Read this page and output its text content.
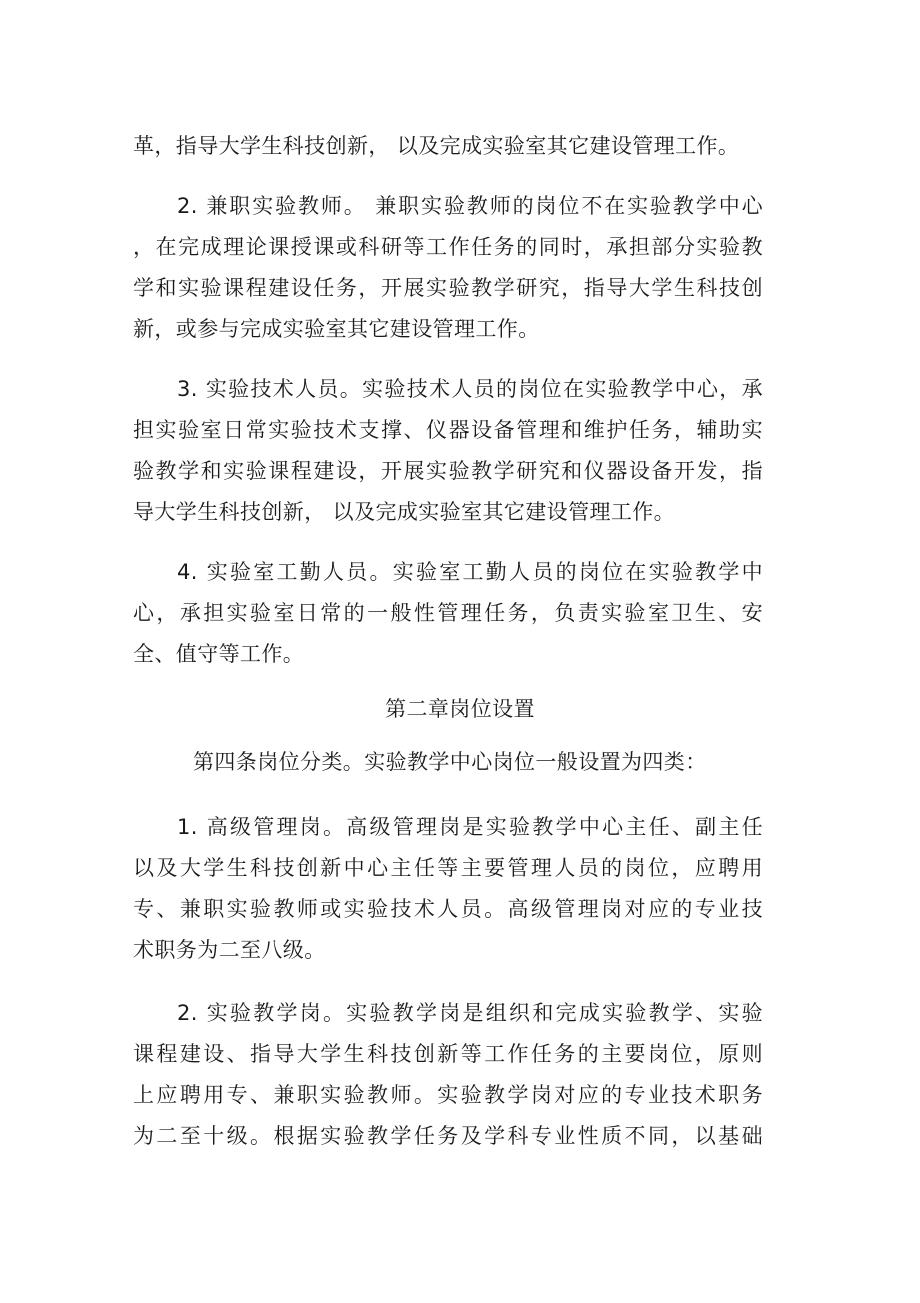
革，指导大学生科技创新， 以及完成实验室其它建设管理工作。
2. 兼职实验教师。 兼职实验教师的岗位不在实验教学中心
，在完成理论课授课或科研等工作任务的同时，承担部分实验教
学和实验课程建设任务，开展实验教学研究，指导大学生科技创
新，或参与完成实验室其它建设管理工作。
3. 实验技术人员。实验技术人员的岗位在实验教学中心，承
担实验室日常实验技术支撑、仪器设备管理和维护任务，辅助实
验教学和实验课程建设，开展实验教学研究和仪器设备开发，指
导大学生科技创新， 以及完成实验室其它建设管理工作。
4. 实验室工勤人员。实验室工勤人员的岗位在实验教学中
心，承担实验室日常的一般性管理任务，负责实验室卫生、安
全、值守等工作。
第二章岗位设置
第四条岗位分类。实验教学中心岗位一般设置为四类：
1. 高级管理岗。高级管理岗是实验教学中心主任、副主任
以及大学生科技创新中心主任等主要管理人员的岗位，应聘用
专、兼职实验教师或实验技术人员。高级管理岗对应的专业技
术职务为二至八级。
2. 实验教学岗。实验教学岗是组织和完成实验教学、实验
课程建设、指导大学生科技创新等工作任务的主要岗位，原则
上应聘用专、兼职实验教师。实验教学岗对应的专业技术职务
为二至十级。根据实验教学任务及学科专业性质不同，以基础
